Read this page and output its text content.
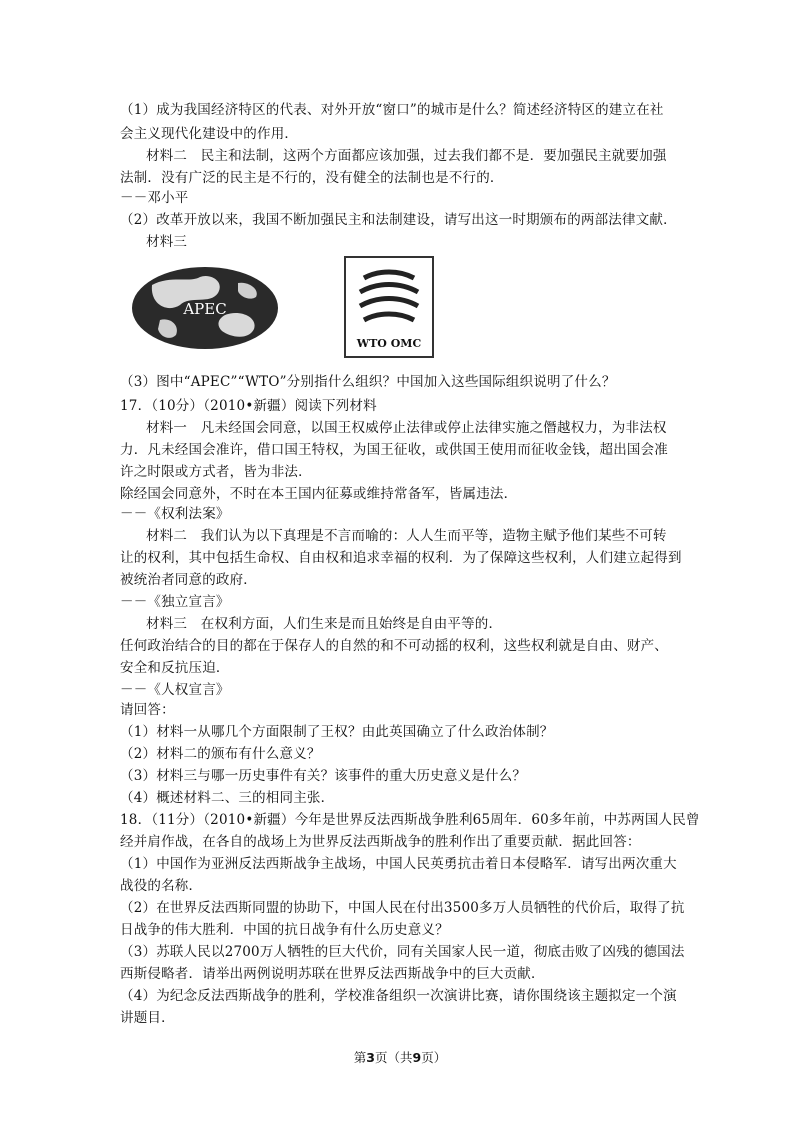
（1）成为我国经济特区的代表、对外开放“窗口”的城市是什么？简述经济特区的建立在社
会主义现代化建设中的作用．
材料二　民主和法制，这两个方面都应该加强，过去我们都不是．要加强民主就要加强
法制．没有广泛的民主是不行的，没有健全的法制也是不行的．
－－邓小平
（2）改革开放以来，我国不断加强民主和法制建设，请写出这一时期颁布的两部法律文献．
材料三
（3）图中“APEC”“WTO”分别指什么组织？中国加入这些国际组织说明了什么？
17．（10分）（2010•新疆）阅读下列材料
材料一　凡未经国会同意，以国王权威停止法律或停止法律实施之僭越权力，为非法权
力．凡未经国会准许，借口国王特权，为国王征收，或供国王使用而征收金钱，超出国会准
许之时限或方式者，皆为非法．
除经国会同意外，不时在本王国内征募或维持常备军，皆属违法．
－－《权利法案》
材料二　我们认为以下真理是不言而喻的：人人生而平等，造物主赋予他们某些不可转
让的权利，其中包括生命权、自由权和追求幸福的权利．为了保障这些权利，人们建立起得到
被统治者同意的政府．
－－《独立宣言》
材料三　在权利方面，人们生来是而且始终是自由平等的．
任何政治结合的目的都在于保存人的自然的和不可动摇的权利，这些权利就是自由、财产、
安全和反抗压迫．
－－《人权宣言》
请回答：
（1）材料一从哪几个方面限制了王权？由此英国确立了什么政治体制？
（2）材料二的颁布有什么意义？
（3）材料三与哪一历史事件有关？该事件的重大历史意义是什么？
（4）概述材料二、三的相同主张．
18．（11分）（2010•新疆）今年是世界反法西斯战争胜利65周年．60多年前，中苏两国人民曾
经并肩作战，在各自的战场上为世界反法西斯战争的胜利作出了重要贡献．据此回答：
（1）中国作为亚洲反法西斯战争主战场，中国人民英勇抗击着日本侵略军．请写出两次重大
战役的名称．
（2）在世界反法西斯同盟的协助下，中国人民在付出3500多万人员牺牲的代价后，取得了抗
日战争的伟大胜利．中国的抗日战争有什么历史意义？
（3）苏联人民以2700万人牺牲的巨大代价，同有关国家人民一道，彻底击败了凶残的德国法
西斯侵略者．请举出两例说明苏联在世界反法西斯战争中的巨大贡献．
（4）为纪念反法西斯战争的胜利，学校准备组织一次演讲比赛，请你围绕该主题拟定一个演
讲题目．
APEC
WTO OMC
第3页（共9页）
